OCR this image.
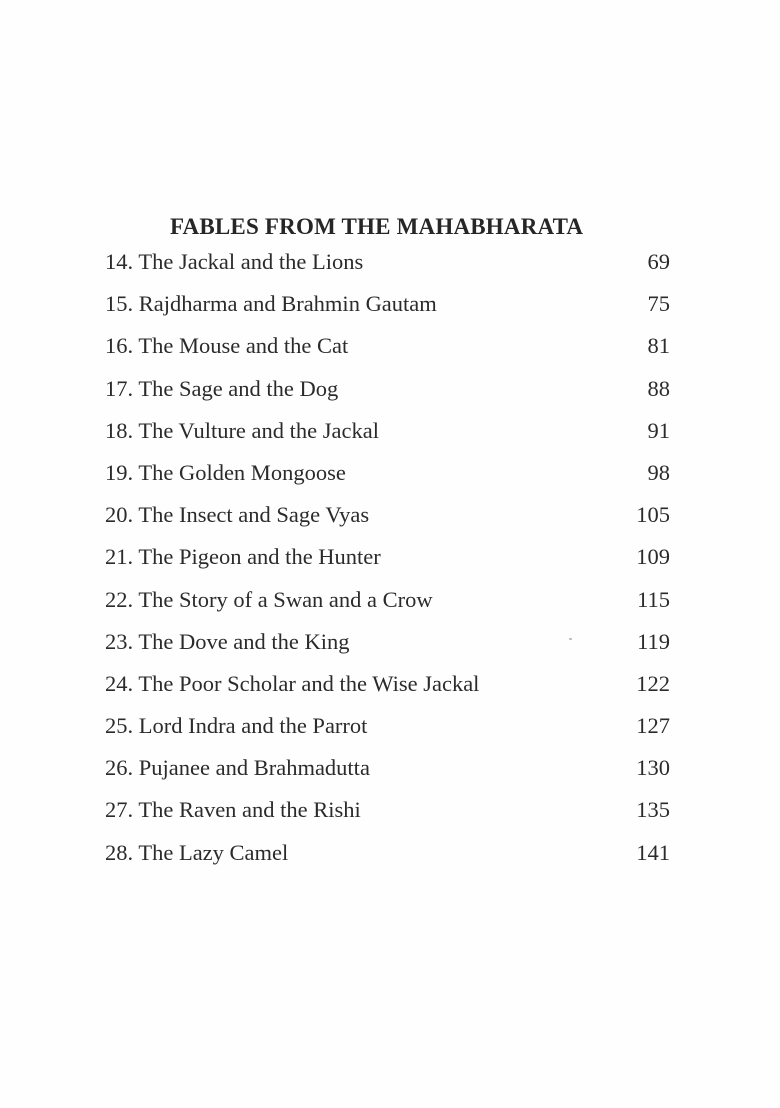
FABLES FROM THE MAHABHARATA
14. The Jackal and the Lions	69
15. Rajdharma and Brahmin Gautam	75
16. The Mouse and the Cat	81
17. The Sage and the Dog	88
18. The Vulture and the Jackal	91
19. The Golden Mongoose	98
20. The Insect and Sage Vyas	105
21. The Pigeon and the Hunter	109
22. The Story of a Swan and a Crow	115
23. The Dove and the King	119
24. The Poor Scholar and the Wise Jackal	122
25. Lord Indra and the Parrot	127
26. Pujanee and Brahmadutta	130
27. The Raven and the Rishi	135
28. The Lazy Camel	141
